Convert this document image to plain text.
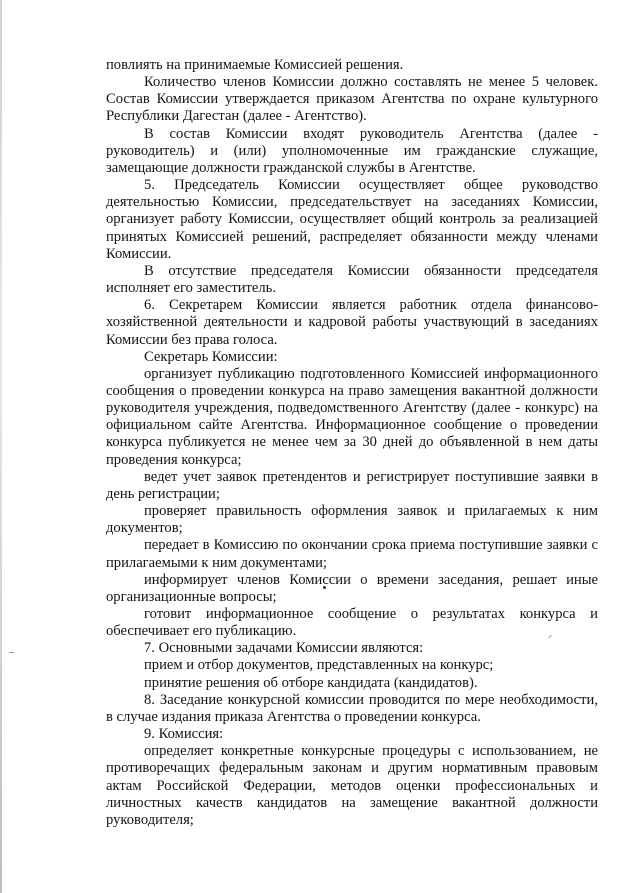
повлиять на принимаемые Комиссией решения.

Количество членов Комиссии должно составлять не менее 5 человек. Состав Комиссии утверждается приказом Агентства по охране культурного Республики Дагестан (далее - Агентство).

В состав Комиссии входят руководитель Агентства (далее - руководитель) и (или) уполномоченные им гражданские служащие, замещающие должности гражданской службы в Агентстве.

5. Председатель Комиссии осуществляет общее руководство деятельностью Комиссии, председательствует на заседаниях Комиссии, организует работу Комиссии, осуществляет общий контроль за реализацией принятых Комиссией решений, распределяет обязанности между членами Комиссии.

В отсутствие председателя Комиссии обязанности председателя исполняет его заместитель.

6. Секретарем Комиссии является работник отдела финансово-хозяйственной деятельности и кадровой работы участвующий в заседаниях Комиссии без права голоса.

Секретарь Комиссии:

организует публикацию подготовленного Комиссией информационного сообщения о проведении конкурса на право замещения вакантной должности руководителя учреждения, подведомственного Агентству (далее - конкурс) на официальном сайте Агентства. Информационное сообщение о проведении конкурса публикуется не менее чем за 30 дней до объявленной в нем даты проведения конкурса;

ведет учет заявок претендентов и регистрирует поступившие заявки в день регистрации;

проверяет правильность оформления заявок и прилагаемых к ним документов;

передает в Комиссию по окончании срока приема поступившие заявки с прилагаемыми к ним документами;

информирует членов Комиссии о времени заседания, решает иные организационные вопросы;

готовит информационное сообщение о результатах конкурса и обеспечивает его публикацию.

7. Основными задачами Комиссии являются:

прием и отбор документов, представленных на конкурс;

принятие решения об отборе кандидата (кандидатов).

8. Заседание конкурсной комиссии проводится по мере необходимости, в случае издания приказа Агентства о проведении конкурса.

9. Комиссия:

определяет конкретные конкурсные процедуры с использованием, не противоречащих федеральным законам и другим нормативным правовым актам Российской Федерации, методов оценки профессиональных и личностных качеств кандидатов на замещение вакантной должности руководителя;
